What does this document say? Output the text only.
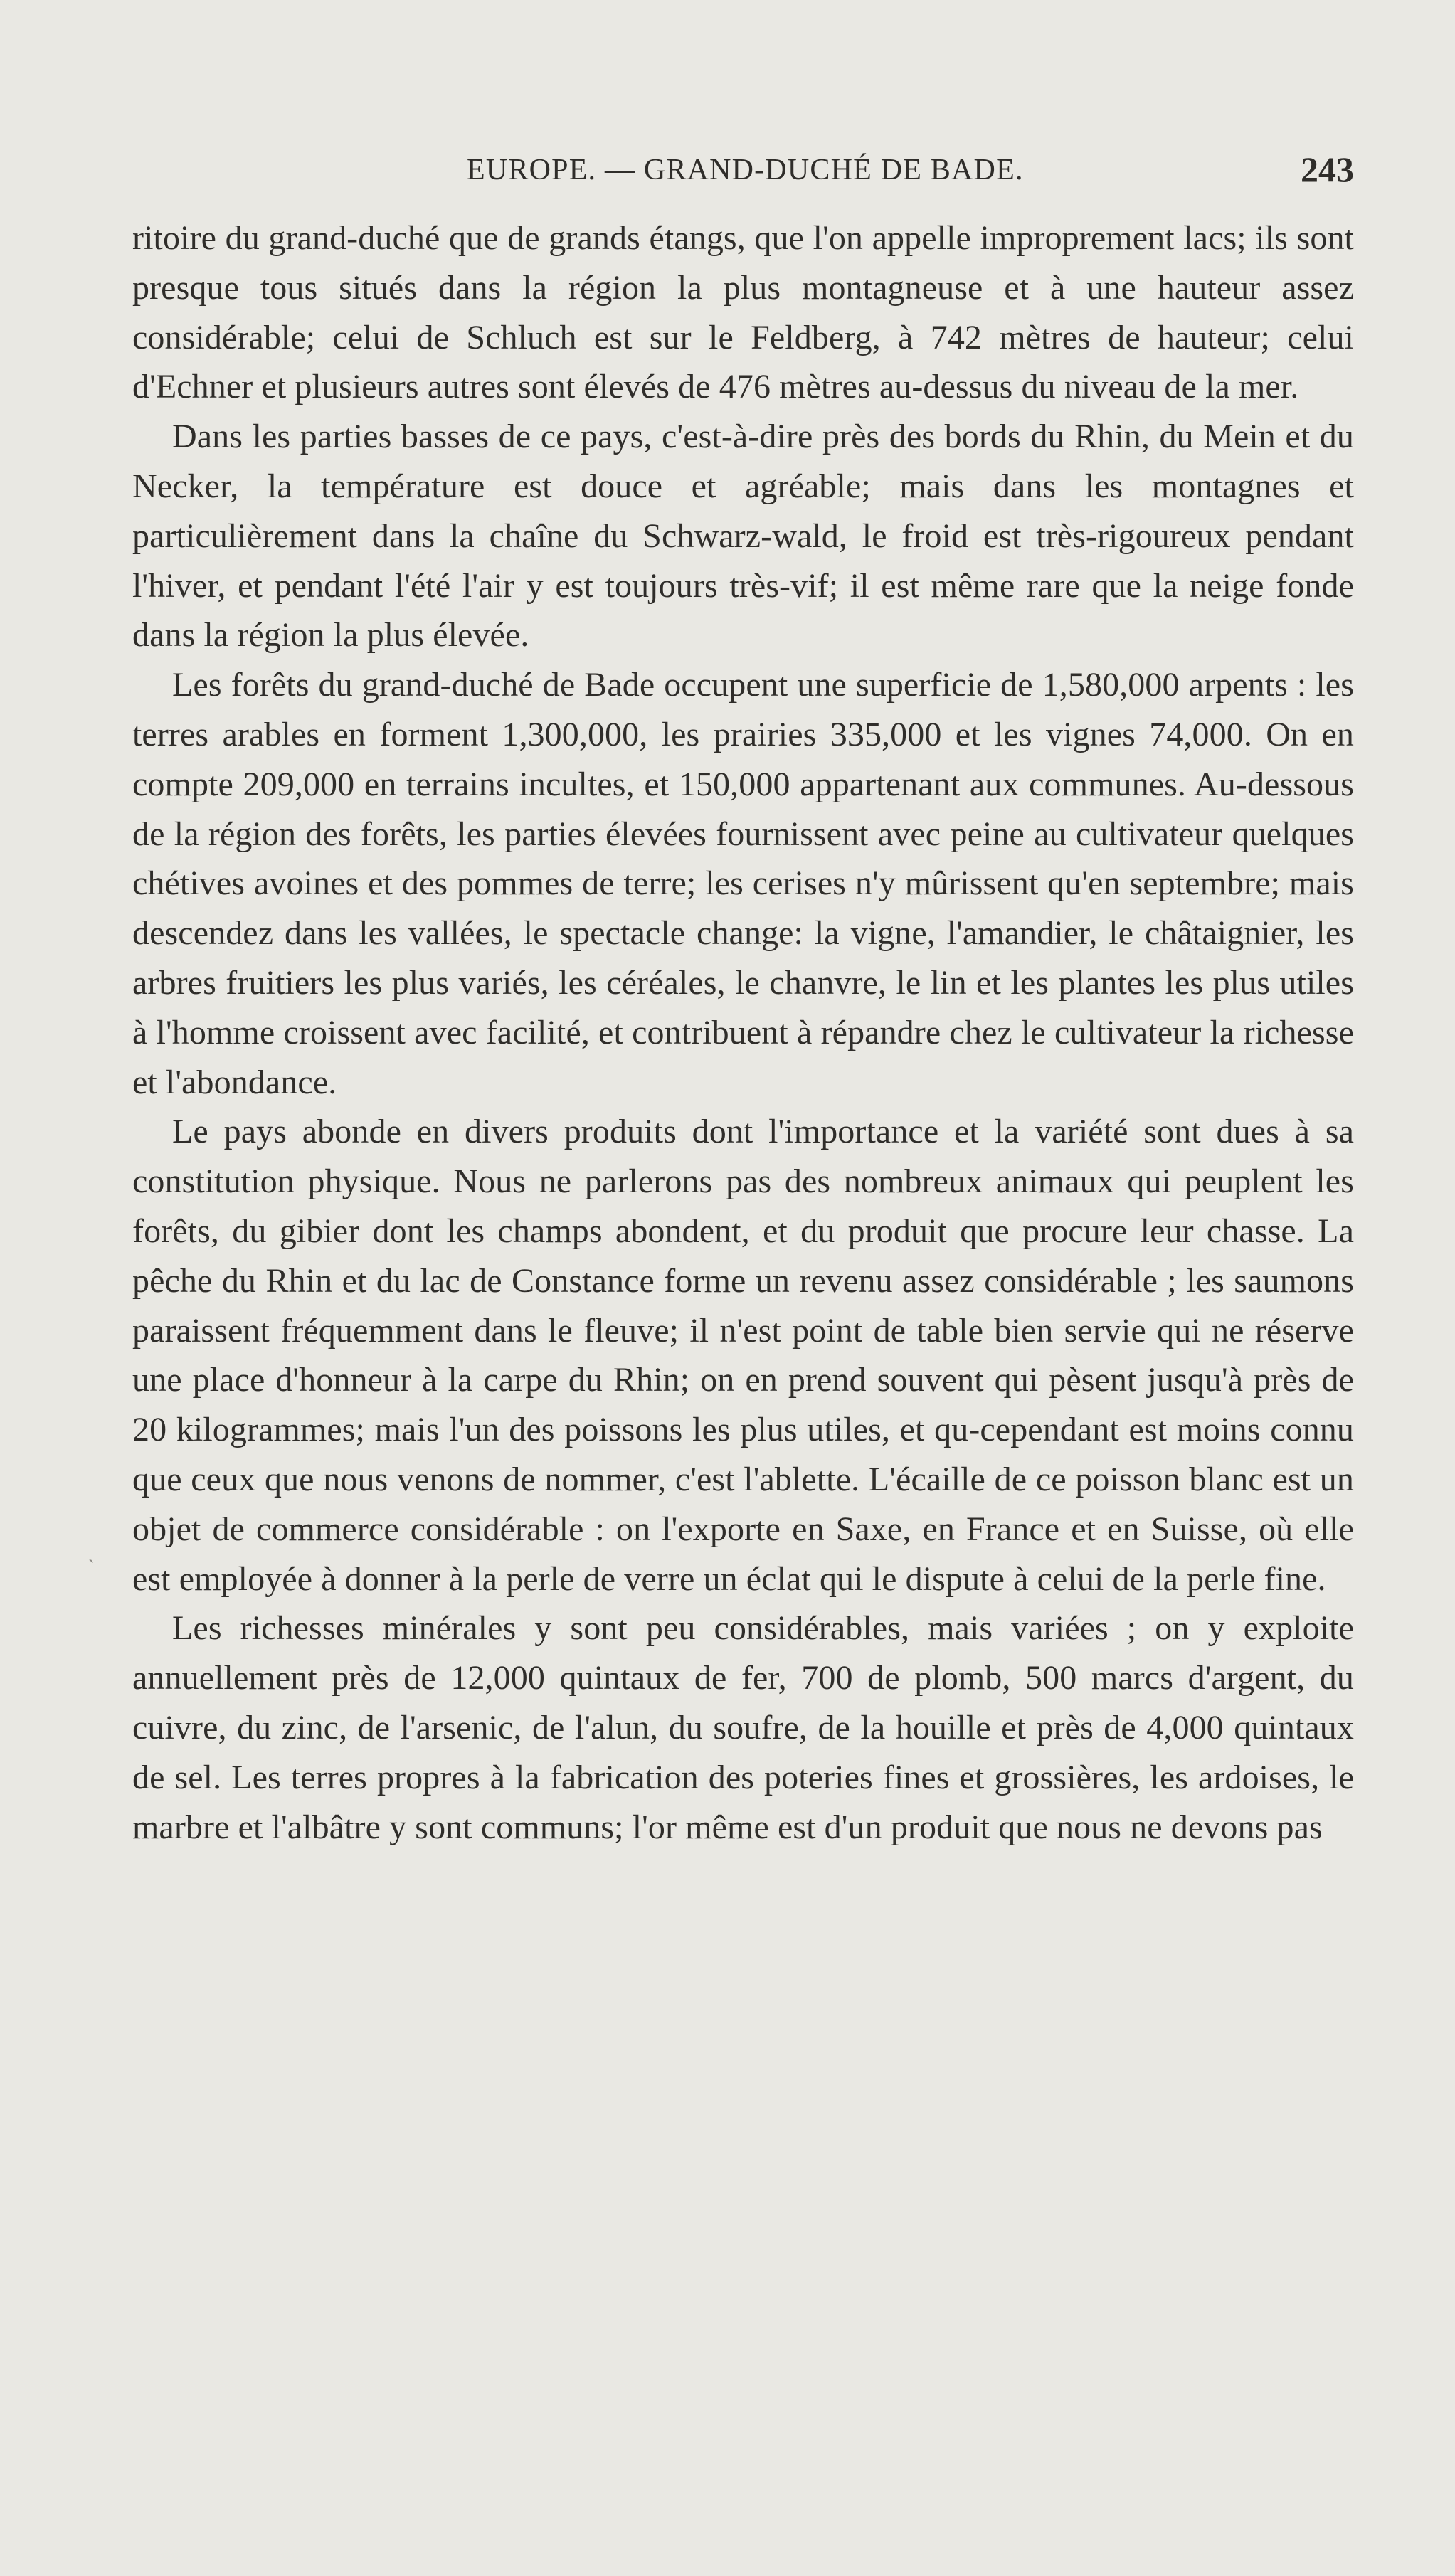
EUROPE. — GRAND-DUCHÉ DE BADE.	243
`

ritoire du grand-duché que de grands étangs, que l'on appelle improprement lacs; ils sont presque tous situés dans la région la plus montagneuse et à une hauteur assez considérable; celui de Schluch est sur le Feldberg, à 742 mètres de hauteur; celui d'Echner et plusieurs autres sont élevés de 476 mètres au-dessus du niveau de la mer.

Dans les parties basses de ce pays, c'est-à-dire près des bords du Rhin, du Mein et du Necker, la température est douce et agréable; mais dans les montagnes et particulièrement dans la chaîne du Schwarz-wald, le froid est très-rigoureux pendant l'hiver, et pendant l'été l'air y est toujours très-vif; il est même rare que la neige fonde dans la région la plus élevée.

Les forêts du grand-duché de Bade occupent une superficie de 1,580,000 arpents : les terres arables en forment 1,300,000, les prairies 335,000 et les vignes 74,000. On en compte 209,000 en terrains incultes, et 150,000 appartenant aux communes. Au-dessous de la région des forêts, les parties élevées fournissent avec peine au cultivateur quelques chétives avoines et des pommes de terre; les cerises n'y mûrissent qu'en septembre; mais descendez dans les vallées, le spectacle change: la vigne, l'amandier, le châtaignier, les arbres fruitiers les plus variés, les céréales, le chanvre, le lin et les plantes les plus utiles à l'homme croissent avec facilité, et contribuent à répandre chez le cultivateur la richesse et l'abondance.

Le pays abonde en divers produits dont l'importance et la variété sont dues à sa constitution physique. Nous ne parlerons pas des nombreux animaux qui peuplent les forêts, du gibier dont les champs abondent, et du produit que procure leur chasse. La pêche du Rhin et du lac de Constance forme un revenu assez considérable ; les saumons paraissent fréquemment dans le fleuve; il n'est point de table bien servie qui ne réserve une place d'honneur à la carpe du Rhin; on en prend souvent qui pèsent jusqu'à près de 20 kilogrammes; mais l'un des poissons les plus utiles, et qu-cependant est moins connu que ceux que nous venons de nommer, c'est l'ablette. L'écaille de ce poisson blanc est un objet de commerce considérable : on l'exporte en Saxe, en France et en Suisse, où elle est employée à donner à la perle de verre un éclat qui le dispute à celui de la perle fine.

Les richesses minérales y sont peu considérables, mais variées ; on y exploite annuellement près de 12,000 quintaux de fer, 700 de plomb, 500 marcs d'argent, du cuivre, du zinc, de l'arsenic, de l'alun, du soufre, de la houille et près de 4,000 quintaux de sel. Les terres propres à la fabrication des poteries fines et grossières, les ardoises, le marbre et l'albâtre y sont communs; l'or même est d'un produit que nous ne devons pas
